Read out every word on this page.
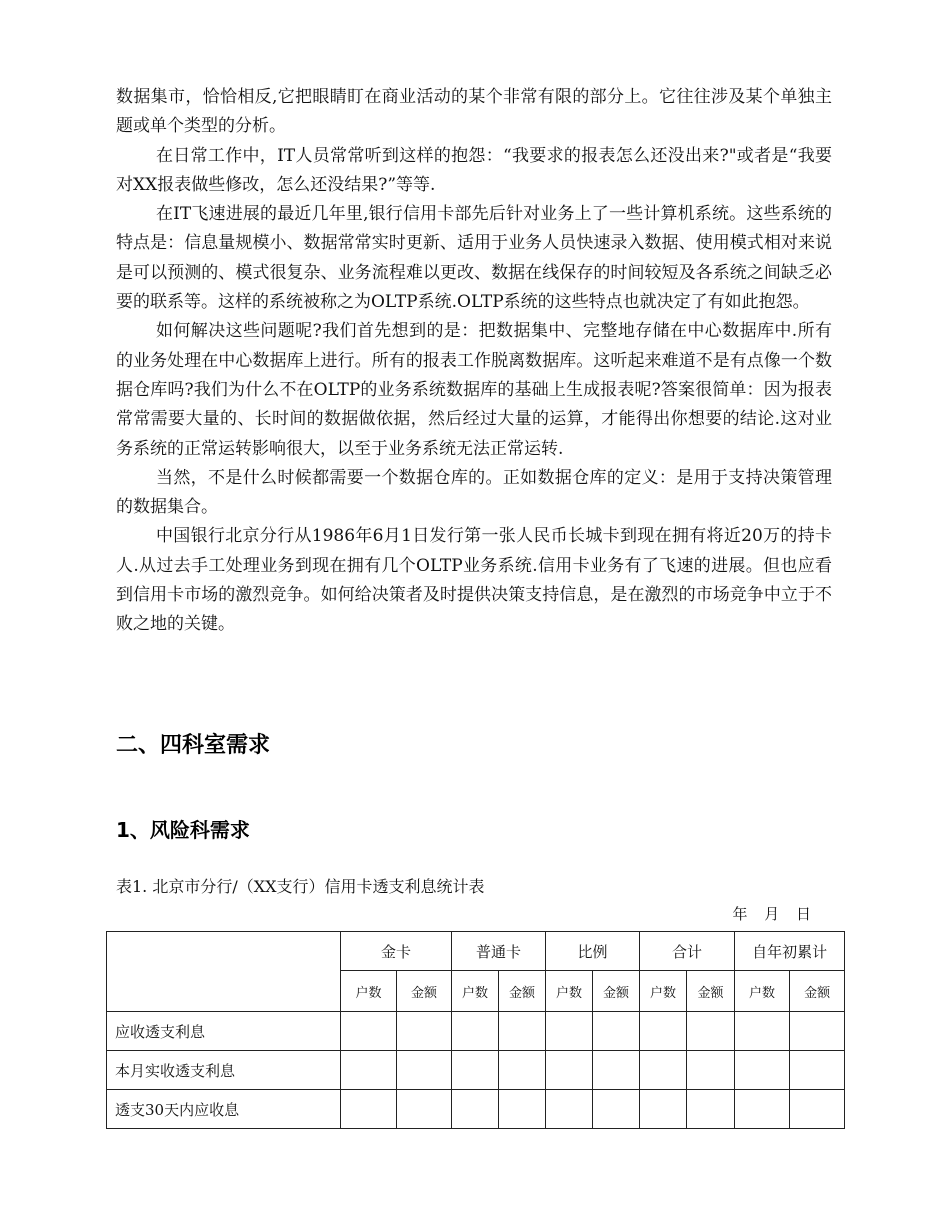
数据集市，恰恰相反,它把眼睛盯在商业活动的某个非常有限的部分上。它往往涉及某个单独主题或单个类型的分析。

在日常工作中，IT人员常常听到这样的抱怨：“我要求的报表怎么还没出来?"或者是“我要对XX报表做些修改，怎么还没结果?”等等.

在IT飞速进展的最近几年里,银行信用卡部先后针对业务上了一些计算机系统。这些系统的特点是：信息量规模小、数据常常实时更新、适用于业务人员快速录入数据、使用模式相对来说是可以预测的、模式很复杂、业务流程难以更改、数据在线保存的时间较短及各系统之间缺乏必要的联系等。这样的系统被称之为OLTP系统.OLTP系统的这些特点也就决定了有如此抱怨。

如何解决这些问题呢?我们首先想到的是：把数据集中、完整地存储在中心数据库中.所有的业务处理在中心数据库上进行。所有的报表工作脱离数据库。这听起来难道不是有点像一个数据仓库吗?我们为什么不在OLTP的业务系统数据库的基础上生成报表呢?答案很简单：因为报表常常需要大量的、长时间的数据做依据，然后经过大量的运算，才能得出你想要的结论.这对业务系统的正常运转影响很大，以至于业务系统无法正常运转.

当然，不是什么时候都需要一个数据仓库的。正如数据仓库的定义：是用于支持决策管理的数据集合。

中国银行北京分行从1986年6月1日发行第一张人民币长城卡到现在拥有将近20万的持卡人.从过去手工处理业务到现在拥有几个OLTP业务系统.信用卡业务有了飞速的进展。但也应看到信用卡市场的激烈竞争。如何给决策者及时提供决策支持信息，是在激烈的市场竞争中立于不败之地的关键。

二、四科室需求
1、风险科需求
表1. 北京市分行/（XX支行）信用卡透支利息统计表
年 月 日
	金卡		普通卡		比例		合计		自年初累计	
	户数	金额	户数	金额	户数	金额	户数	金额	户数	金额
应收透支利息										
本月实收透支利息										
透支30天内应收息										
